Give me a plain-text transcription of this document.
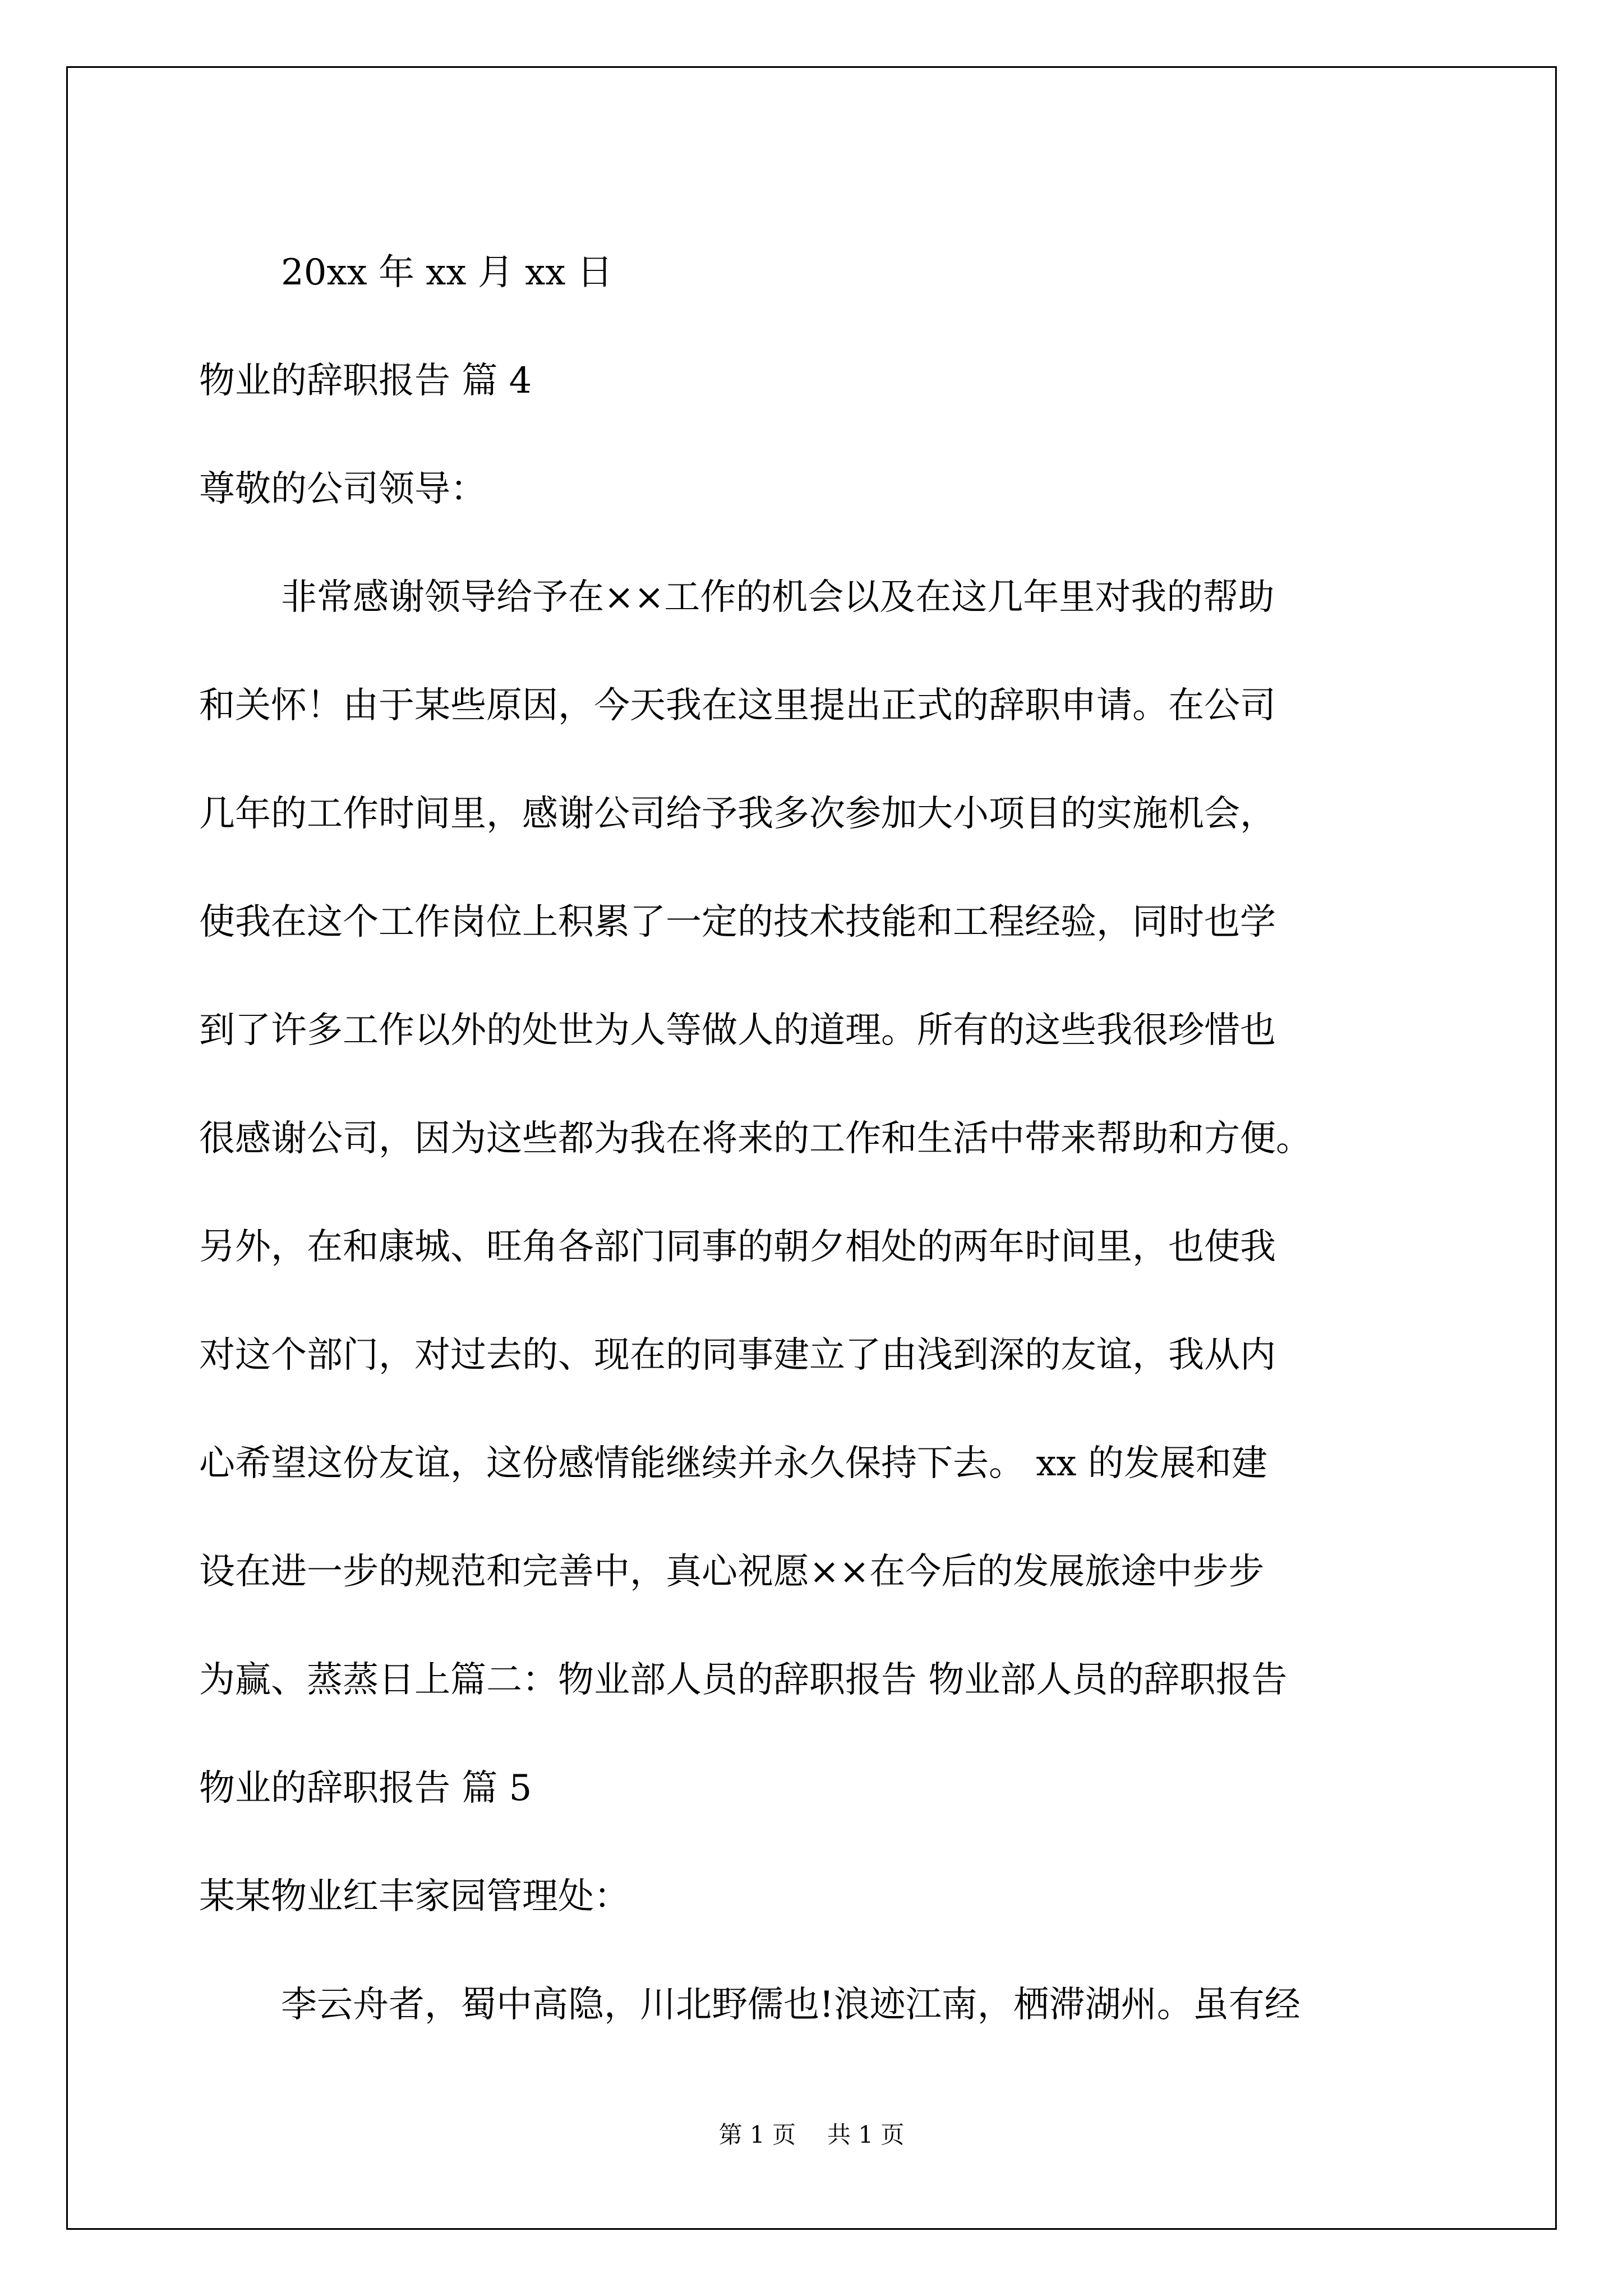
20xx 年 xx 月 xx 日
物业的辞职报告 篇 4
尊敬的公司领导：
非常感谢领导给予在××工作的机会以及在这几年里对我的帮助
和关怀！由于某些原因，今天我在这里提出正式的辞职申请。在公司
几年的工作时间里，感谢公司给予我多次参加大小项目的实施机会，
使我在这个工作岗位上积累了一定的技术技能和工程经验，同时也学
到了许多工作以外的处世为人等做人的道理。所有的这些我很珍惜也
很感谢公司，因为这些都为我在将来的工作和生活中带来帮助和方便。
另外，在和康城、旺角各部门同事的朝夕相处的两年时间里，也使我
对这个部门，对过去的、现在的同事建立了由浅到深的友谊，我从内
心希望这份友谊，这份感情能继续并永久保持下去。 xx 的发展和建
设在进一步的规范和完善中，真心祝愿××在今后的发展旅途中步步
为赢、蒸蒸日上篇二：物业部人员的辞职报告 物业部人员的辞职报告
物业的辞职报告 篇 5
某某物业红丰家园管理处：
李云舟者，蜀中高隐，川北野儒也!浪迹江南，栖滞湖州。虽有经
第 1 页 共 1 页
